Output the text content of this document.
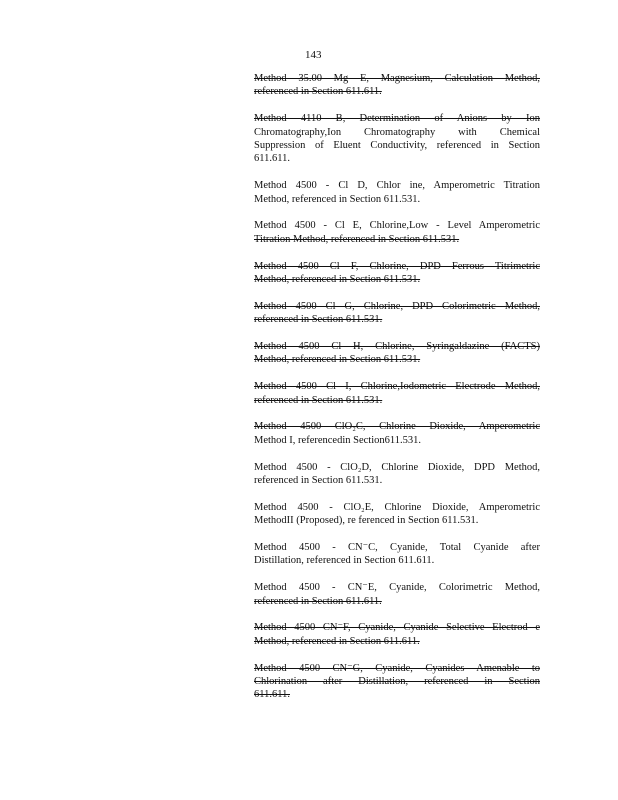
143
Method 35.00 Mg E, Magnesium, Calculation Method,
referenced in Section 611.611.
Method 4110 B, Determination of Anions by Ion
Chromatography,Ion Chromatography with Chemical
Suppression of Eluent Conductivity, referenced in Section
611.611.
Method 4500 - Cl D, Chlor ine, Amperometric Titration
Method, referenced in Section 611.531.
Method 4500 - Cl E, Chlorine,Low - Level Amperometric
Titration Method, referenced in Section 611.531.
Method 4500 Cl F, Chlorine, DPD Ferrous Titrimetric
Method, referenced in Section 611.531.
Method 4500 Cl G, Chlorine, DPD Colorimetric Method,
referenced in Section 611.531.
Method 4500 Cl H, Chlorine, Syringaldazine (FACTS)
Method, referenced in Section 611.531.
Method 4500 Cl I, Chlorine,Iodometric Electrode Method,
referenced in Section 611.531.
Method 4500 ClO₂C, Chlorine Dioxide, Amperometric
Method I, referencedin Section611.531.
Method 4500 - ClO₂D, Chlorine Dioxide, DPD Method,
referenced in Section 611.531.
Method 4500 - ClO₂E, Chlorine Dioxide, Amperometric
MethodII (Proposed), re ferenced in Section 611.531.
Method 4500 - CN⁻C, Cyanide, Total Cyanide after
Distillation, referenced in Section 611.611.
Method 4500 - CN⁻E, Cyanide, Colorimetric Method,
referenced in Section 611.611.
Method 4500 CN⁻F, Cyanide, Cyanide Selective Electrod e
Method, referenced in Section 611.611.
Method 4500 CN⁻G, Cyanide, Cyanides Amenable to
Chlorination after Distillation, referenced in Section
611.611.
